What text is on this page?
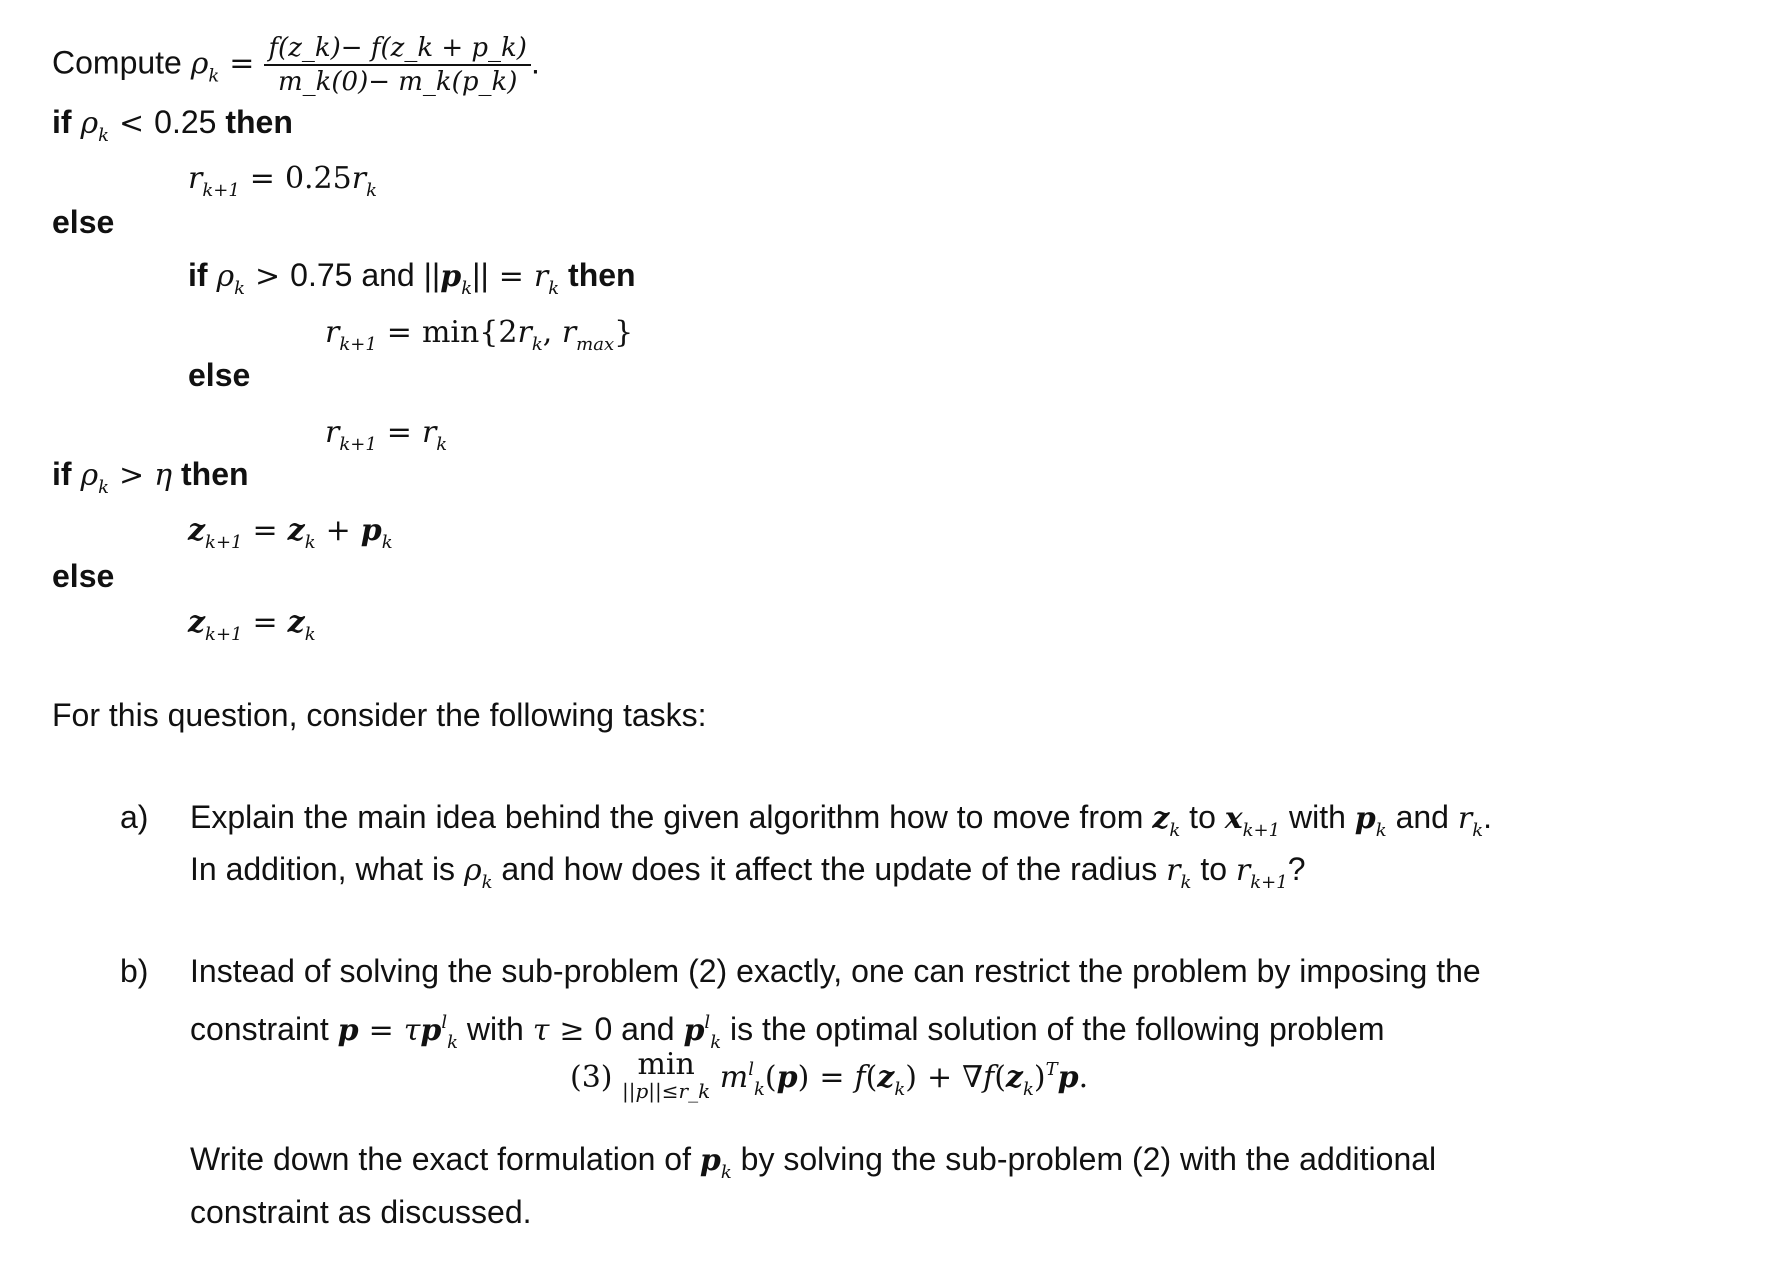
Compute $\rho_k = \frac{f(z\_k)- f(z\_k + p\_k)}{m\_k(0)- m\_k(p\_k)}$ .
if $\rho_k < 0.25$ then
$r_{k+1} = 0.25r_k$
else
if $\rho_k > 0.75$ and $||p_k|| = r_k$ then
$r_{k+1} = \min\{2r_k$, $r_{max}$}
else
$r_{k+1} = r_k$
if $\rho_k > \eta$ then
$z_{k+1} = z_k + p_k$
else
$z_{k+1} = z_k$
For this question, consider the following tasks:
a) Explain the main idea behind the given algorithm how to move from $z_k$ to $x_{k+1}$ with $p_k$ and $r_k$.
In addition, what is $\rho_k$ and how does it affect the update of the radius $r_k$ to $r_{k+1}$?
b) Instead of solving the sub-problem (2) exactly, one can restrict the problem by imposing the
constraint $p = \tau p^l_k$ with τ ≥ 0 and $p^l_k$ is the optimal solution of the following problem
(3) min
||p||≤r_k $m^l_k(p) = f(z_k) + \nabla f(z_k)^Tp$.
Write down the exact formulation of $p_k$ by solving the sub-problem (2) with the additional
constraint as discussed.
